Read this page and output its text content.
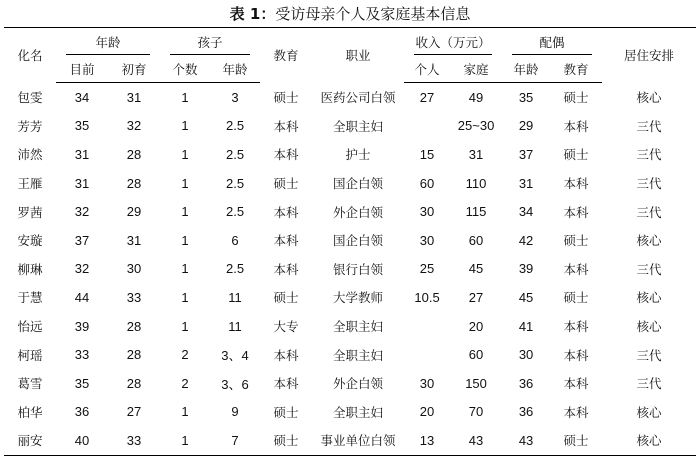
表 1：受访母亲个人及家庭基本信息
化名	年龄		孩子		教育	职业	收入（万元）		配偶		居住安排
	目前	初育	个数	年龄			个人	家庭	年龄	教育	
包雯	34	31	1	3	硕士	医药公司白领	27	49	35	硕士	核心
芳芳	35	32	1	2.5	本科	全职主妇		25~30	29	本科	三代
沛然	31	28	1	2.5	本科	护士	15	31	37	硕士	三代
王雁	31	28	1	2.5	硕士	国企白领	60	110	31	本科	三代
罗茜	32	29	1	2.5	本科	外企白领	30	115	34	本科	三代
安璇	37	31	1	6	本科	国企白领	30	60	42	硕士	核心
柳琳	32	30	1	2.5	本科	银行白领	25	45	39	本科	三代
于慧	44	33	1	11	硕士	大学教师	10.5	27	45	硕士	核心
怡远	39	28	1	11	大专	全职主妇		20	41	本科	核心
柯瑶	33	28	2	3、4	本科	全职主妇		60	30	本科	三代
葛雪	35	28	2	3、6	本科	外企白领	30	150	36	本科	三代
柏华	36	27	1	9	硕士	全职主妇	20	70	36	本科	核心
丽安	40	33	1	7	硕士	事业单位白领	13	43	43	硕士	核心
